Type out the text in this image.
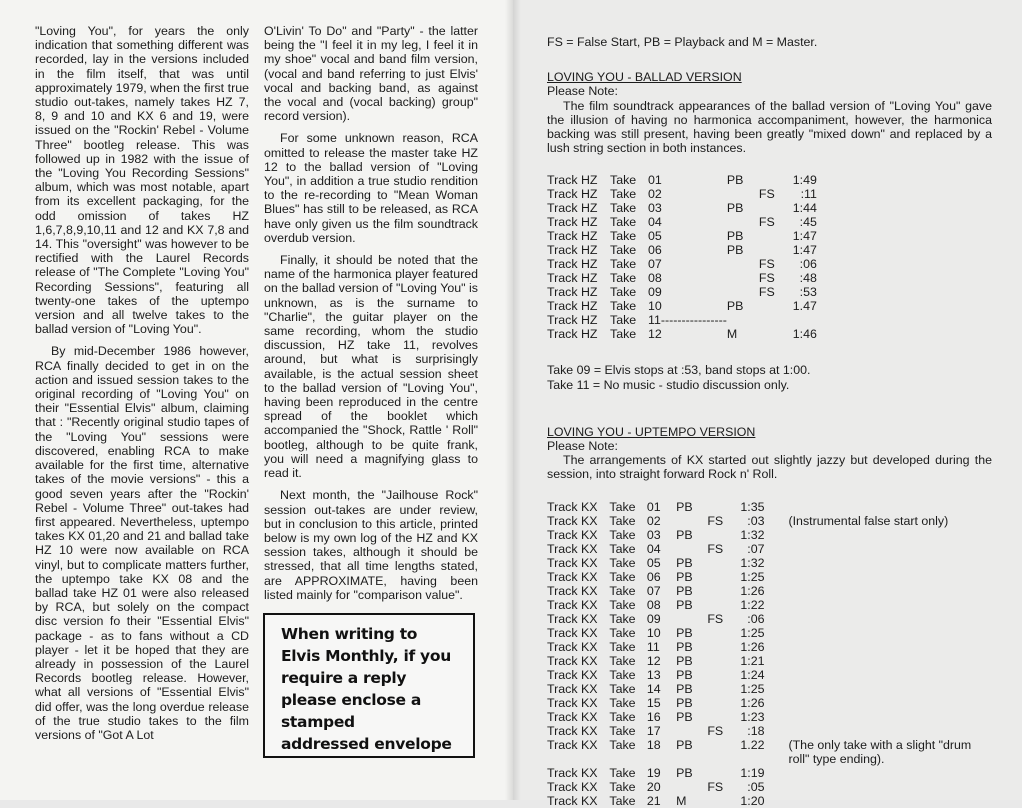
"Loving You", for years the only indication that something different was recorded, lay in the versions included in the film itself, that was until approximately 1979, when the first true studio out-takes, namely takes HZ 7, 8, 9 and 10 and KX 6 and 19, were issued on the "Rockin' Rebel - Volume Three" bootleg release. This was followed up in 1982 with the issue of the "Loving You Recording Sessions" album, which was most notable, apart from its excellent packaging, for the odd omission of takes HZ 1,6,7,8,9,10,11 and 12 and KX 7,8 and 14. This "oversight" was however to be rectified with the Laurel Records release of "The Complete "Loving You" Recording Sessions", featuring all twenty-one takes of the uptempo version and all twelve takes to the ballad version of "Loving You".

By mid-December 1986 however, RCA finally decided to get in on the action and issued session takes to the original recording of "Loving You" on their "Essential Elvis" album, claiming that : "Recently original studio tapes of the "Loving You" sessions were discovered, enabling RCA to make available for the first time, alternative takes of the movie versions" - this a good seven years after the "Rockin' Rebel - Volume Three" out-takes had first appeared. Nevertheless, uptempo takes KX 01,20 and 21 and ballad take HZ 10 were now available on RCA vinyl, but to complicate matters further, the uptempo take KX 08 and the ballad take HZ 01 were also released by RCA, but solely on the compact disc version fo their "Essential Elvis" package - as to fans without a CD player - let it be hoped that they are already in possession of the Laurel Records bootleg release. However, what all versions of "Essential Elvis" did offer, was the long overdue release of the true studio takes to the film versions of "Got A Lot

O'Livin' To Do" and "Party" - the latter being the "I feel it in my leg, I feel it in my shoe" vocal and band film version, (vocal and band referring to just Elvis' vocal and backing band, as against the vocal and (vocal backing) group" record version).

For some unknown reason, RCA omitted to release the master take HZ 12 to the ballad version of "Loving You", in addition a true studio rendition to the re-recording to "Mean Woman Blues" has still to be released, as RCA have only given us the film soundtrack overdub version.

Finally, it should be noted that the name of the harmonica player featured on the ballad version of "Loving You" is unknown, as is the surname to "Charlie", the guitar player on the same recording, whom the studio discussion, HZ take 11, revolves around, but what is surprisingly available, is the actual session sheet to the ballad version of "Loving You", having been reproduced in the centre spread of the booklet which accompanied the "Shock, Rattle ' Roll" bootleg, although to be quite frank, you will need a magnifying glass to read it.

Next month, the "Jailhouse Rock" session out-takes are under review, but in conclusion to this article, printed below is my own log of the HZ and KX session takes, although it should be stressed, that all time lengths stated, are APPROXIMATE, having been listed mainly for "comparison value".

When writing to
Elvis Monthly, if you
require a reply
please enclose a
stamped
addressed envelope

FS = False Start, PB = Playback and M = Master.

LOVING YOU - BALLAD VERSION

Please Note:

The film soundtrack appearances of the ballad version of "Loving You" gave the illusion of having no harmonica accompaniment, however, the harmonica backing was still present, having been greatly "mixed down" and replaced by a lush string section in both instances.

Track HZ	Take	01	PB		1:49
Track HZ	Take	02		FS	:11
Track HZ	Take	03	PB		1:44
Track HZ	Take	04		FS	:45
Track HZ	Take	05	PB		1:47
Track HZ	Take	06	PB		1:47
Track HZ	Take	07		FS	:06
Track HZ	Take	08		FS	:48
Track HZ	Take	09		FS	:53
Track HZ	Take	10	PB		1.47
Track HZ	Take	11----------------			
Track HZ	Take	12	M		1:46

Take 09 = Elvis stops at :53, band stops at 1:00.

Take 11 = No music - studio discussion only.

LOVING YOU - UPTEMPO VERSION

Please Note:

The arrangements of KX started out slightly jazzy but developed during the session, into straight forward Rock n' Roll.

Track KX	Take	01	PB		1:35	
Track KX	Take	02		FS	:03	(Instrumental false start only)
Track KX	Take	03	PB		1:32	
Track KX	Take	04		FS	:07	
Track KX	Take	05	PB		1:32	
Track KX	Take	06	PB		1:25	
Track KX	Take	07	PB		1:26	
Track KX	Take	08	PB		1:22	
Track KX	Take	09		FS	:06	
Track KX	Take	10	PB		1:25	
Track KX	Take	11	PB		1:26	
Track KX	Take	12	PB		1:21	
Track KX	Take	13	PB		1:24	
Track KX	Take	14	PB		1:25	
Track KX	Take	15	PB		1:26	
Track KX	Take	16	PB		1:23	
Track KX	Take	17		FS	:18	
Track KX	Take	18	PB		1.22	(The only take with a slight "drum roll" type ending).
Track KX	Take	19	PB		1:19	
Track KX	Take	20		FS	:05	
Track KX	Take	21	M		1:20	
